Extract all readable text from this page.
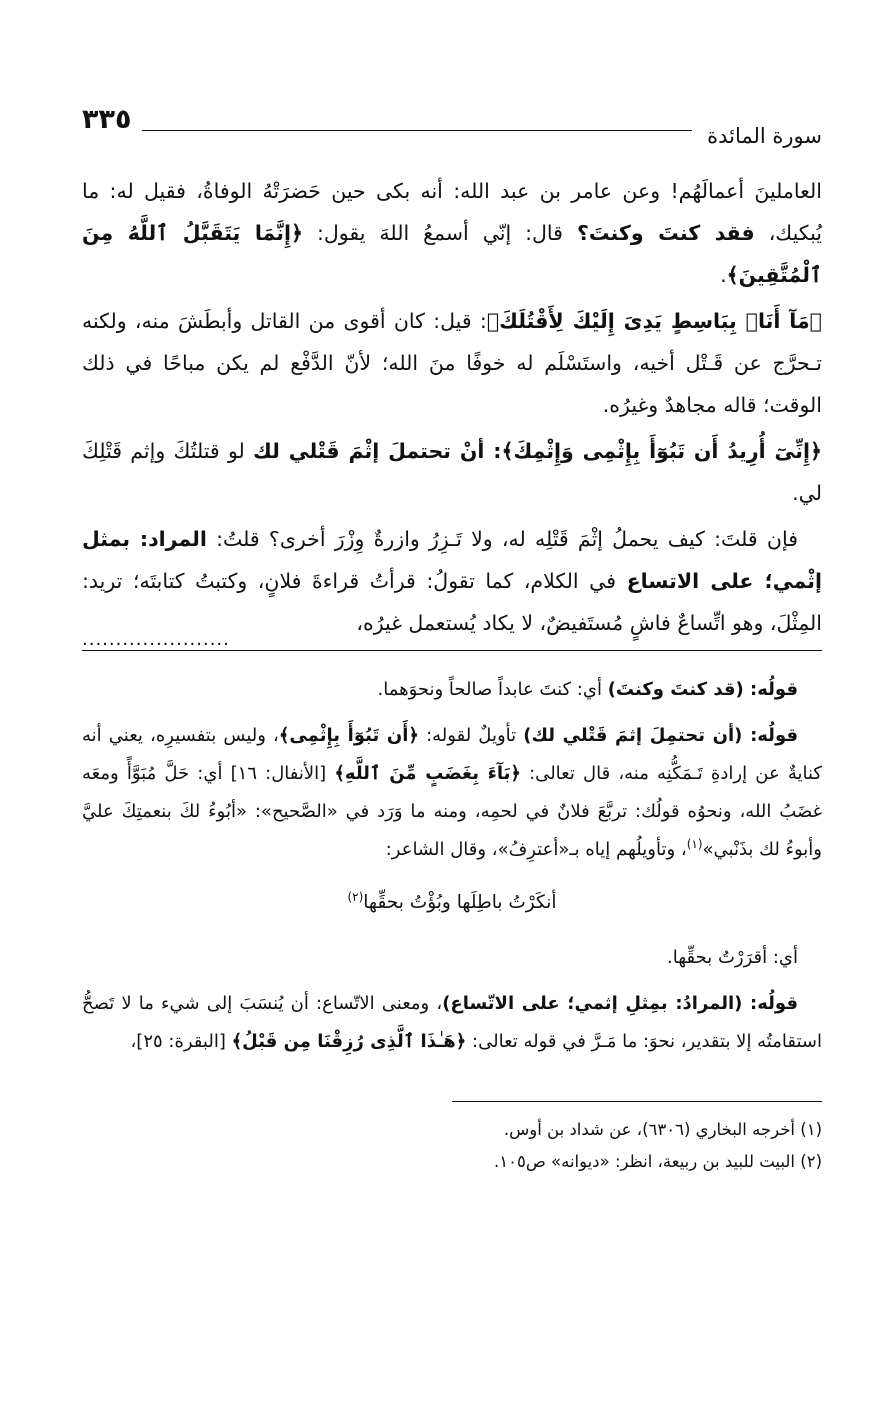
سورة المائدة
٣٣٥

العاملينَ أعمالَهُم! وعن عامر بن عبد الله: أنه بكى حين حَضرَتْهُ الوفاةُ، فقيل له: ما يُبكيك، فقد كنتَ وكنتَ؟ قال: إنّي أسمعُ اللهَ يقول: ﴿إِنَّمَا يَتَقَبَّلُ ٱللَّهُ مِنَ ٱلْمُتَّقِينَ﴾.

﴿مَآ أَنَا۠ بِبَاسِطٍ يَدِىَ إِلَيْكَ لِأَقْتُلَكَ﴾: قيل: كان أقوى من القاتل وأبطَشَ منه، ولكنه تـحرَّج عن قَـتْل أخيه، واستَسْلَم له خوفًا منَ الله؛ لأنّ الدَّفْع لم يكن مباحًا في ذلك الوقت؛ قاله مجاهدٌ وغيرُه.

﴿إِنِّىٓ أُرِيدُ أَن تَبُوٓأَ بِإِثْمِى وَإِثْمِكَ﴾: أنْ تحتملَ إثْمَ قَتْلي لك لو قتلتُكَ وإثم قَتْلِكَ لي.

فإن قلتَ: كيف يحملُ إثْمَ قَتْلِه له، ولا تَـزِرُ وازرةٌ وِزْرَ أخرى؟ قلتُ: المراد: بمثل إثْمي؛ على الاتساع في الكلام، كما تقولُ: قرأتُ قراءةَ فلانٍ، وكتبتُ كتابتَه؛ تريد: المِثْلَ، وهو اتِّساعٌ فاشٍ مُستَفيضٌ، لا يكاد يُستعمل غيرُه،

......................

قولُه: (قد كنتَ وكنتَ) أي: كنتَ عابداً صالحاً ونحوَهما.

قولُه: (أن تحتمِلَ إثمَ قَتْلي لك) تأويلٌ لقوله: ﴿أَن تَبُوٓأَ بِإِثْمِى﴾، وليس بتفسيرِه، يعني أنه كنايةٌ عن إرادةِ تَـمَكُّنِه منه، قال تعالى: ﴿بَآءَ بِغَضَبٍ مِّنَ ٱللَّهِ﴾ [الأنفال: ١٦] أي: حَلَّ مُبَوَّأً ومعَه غضَبُ الله، ونحوُه قولُك: تربَّعَ فلانٌ في لحمِه، ومنه ما وَرَد في «الصَّحيح»: «أبُوءُ لكَ بنعمتِكَ عليَّ وأبوءُ لك بذَنْبي»$^{(١)}$، وتأويلُهم إياه بـ«أعترِفُ»، وقال الشاعر:

أنكَرْتُ باطِلَها وبُؤْتُ بحقِّها$^{(٢)}$

أي: أقرَرْتُ بحقِّها.

قولُه: (المرادُ: بمِثلِ إثمي؛ على الاتّساع)، ومعنى الاتّساع: أن يُنسَبَ إلى شيء ما لا تَصحُّ استقامتُه إلا بتقدير، نحوَ: ما مَـرَّ في قوله تعالى: ﴿هَـٰذَا ٱلَّذِى رُزِقْنَا مِن قَبْلُ﴾ [البقرة: ٢٥]،

(١) أخرجه البخاري (٦٣٠٦)، عن شداد بن أوس.

(٢) البيت للبيد بن ربيعة، انظر: «ديوانه» ص١٠٥.
